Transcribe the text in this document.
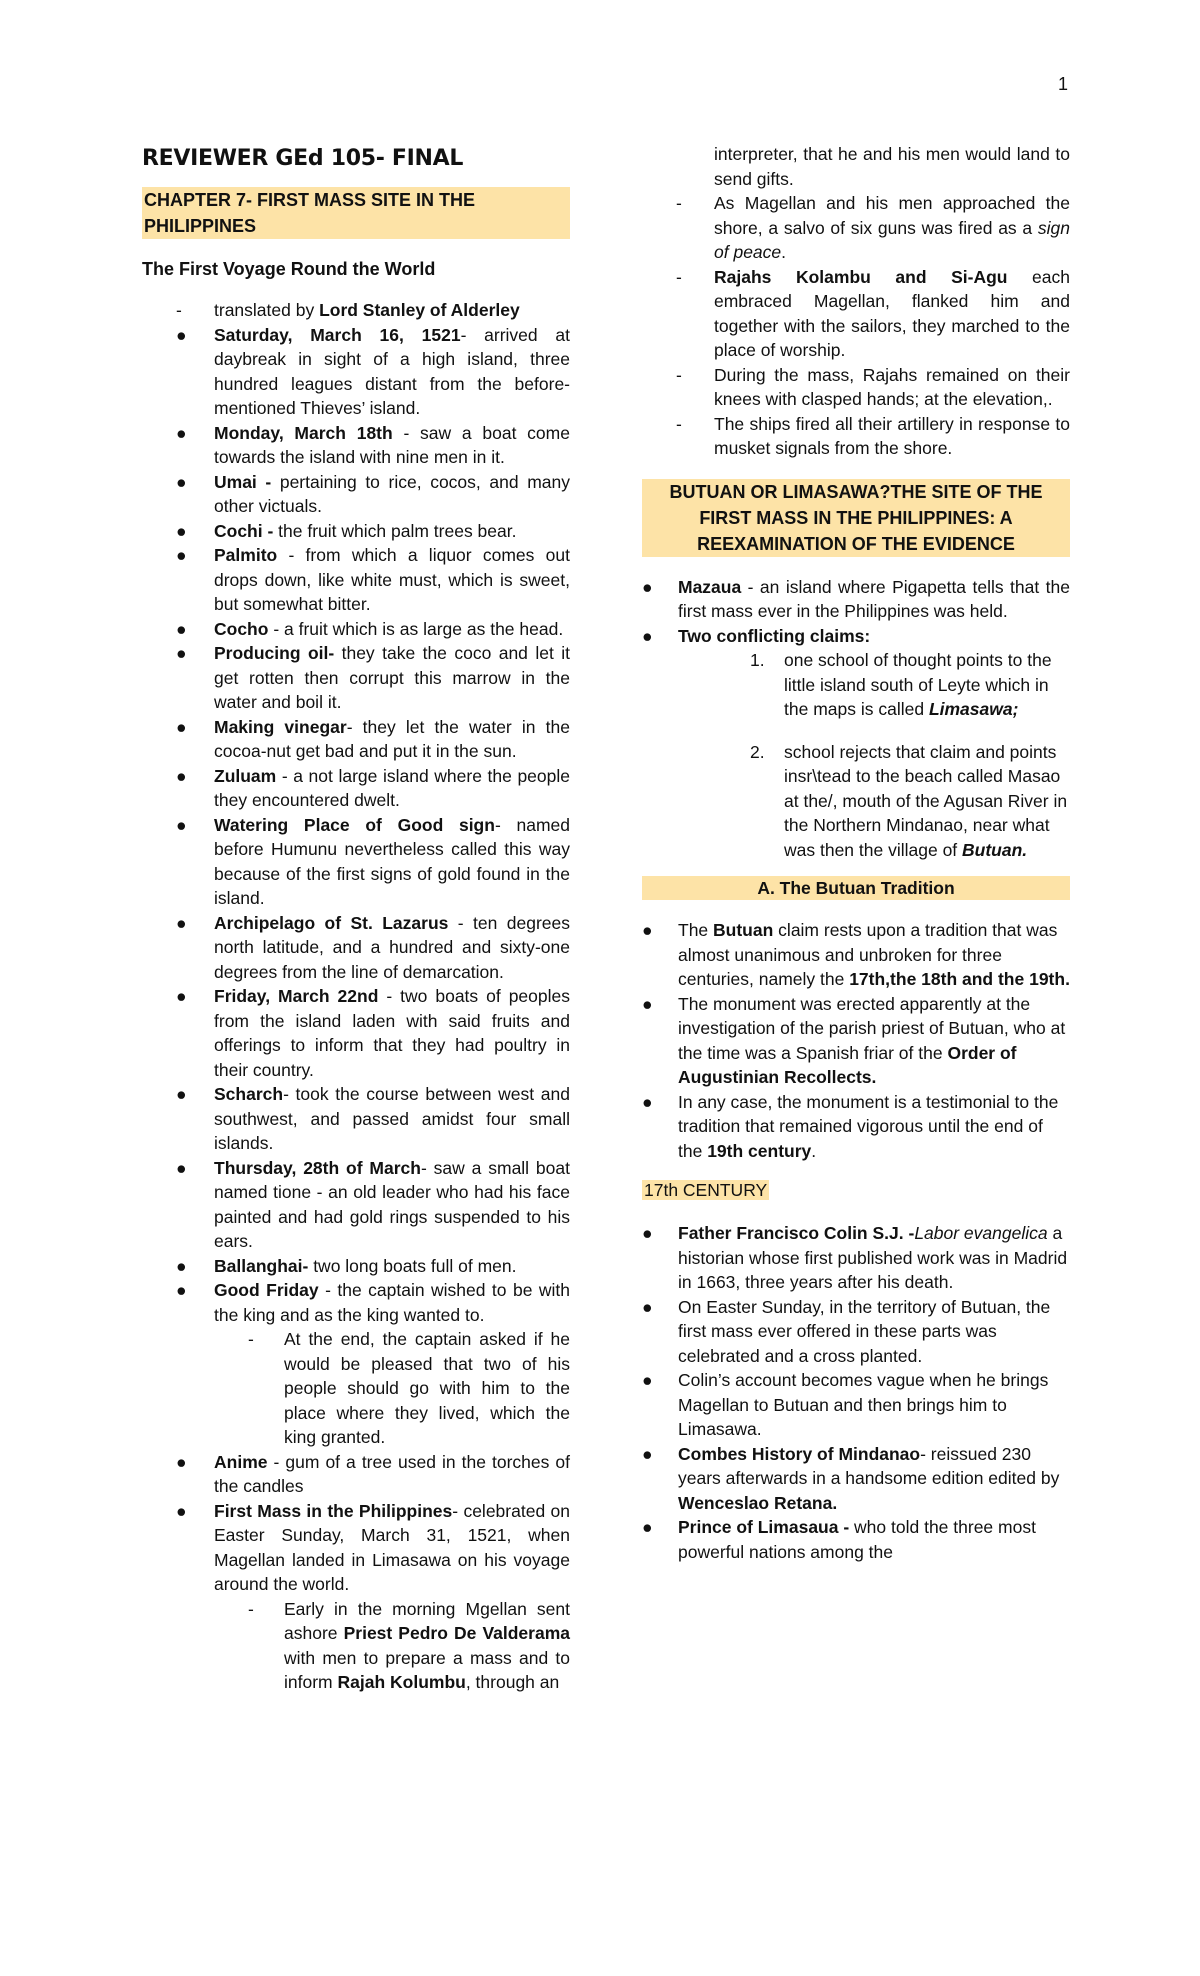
1
REVIEWER GEd 105- FINAL
CHAPTER 7- FIRST MASS SITE IN THE PHILIPPINES
The First Voyage Round the World
- translated by Lord Stanley of Alderley
● Saturday, March 16, 1521- arrived at daybreak in sight of a high island, three hundred leagues distant from the before-mentioned Thieves’ island.
● Monday, March 18th - saw a boat come towards the island with nine men in it.
● Umai - pertaining to rice, cocos, and many other victuals.
● Cochi - the fruit which palm trees bear.
● Palmito - from which a liquor comes out drops down, like white must, which is sweet, but somewhat bitter.
● Cocho - a fruit which is as large as the head.
● Producing oil- they take the coco and let it get rotten then corrupt this marrow in the water and boil it.
● Making vinegar- they let the water in the cocoa-nut get bad and put it in the sun.
● Zuluam - a not large island where the people they encountered dwelt.
● Watering Place of Good sign- named before Humunu nevertheless called this way because of the first signs of gold found in the island.
● Archipelago of St. Lazarus - ten degrees north latitude, and a hundred and sixty-one degrees from the line of demarcation.
● Friday, March 22nd - two boats of peoples from the island laden with said fruits and offerings to inform that they had poultry in their country.
● Scharch- took the course between west and southwest, and passed amidst four small islands.
● Thursday, 28th of March- saw a small boat named tione - an old leader who had his face painted and had gold rings suspended to his ears.
● Ballanghai- two long boats full of men.
● Good Friday - the captain wished to be with the king and as the king wanted to.
- At the end, the captain asked if he would be pleased that two of his people should go with him to the place where they lived, which the king granted.
● Anime - gum of a tree used in the torches of the candles
● First Mass in the Philippines- celebrated on Easter Sunday, March 31, 1521, when Magellan landed in Limasawa on his voyage around the world.
- Early in the morning Mgellan sent ashore Priest Pedro De Valderama with men to prepare a mass and to inform Rajah Kolumbu, through an
interpreter, that he and his men would land to send gifts.
- As Magellan and his men approached the shore, a salvo of six guns was fired as a sign of peace.
- Rajahs Kolambu and Si-Agu each embraced Magellan, flanked him and together with the sailors, they marched to the place of worship.
- During the mass, Rajahs remained on their knees with clasped hands; at the elevation,.
- The ships fired all their artillery in response to musket signals from the shore.
BUTUAN OR LIMASAWA?THE SITE OF THE FIRST MASS IN THE PHILIPPINES: A REEXAMINATION OF THE EVIDENCE
● Mazaua - an island where Pigapetta tells that the first mass ever in the Philippines was held.
● Two conflicting claims:
1. one school of thought points to the little island south of Leyte which in the maps is called Limasawa;
2. school rejects that claim and points insr\tead to the beach called Masao at the/, mouth of the Agusan River in the Northern Mindanao, near what was then the village of Butuan.
A. The Butuan Tradition
● The Butuan claim rests upon a tradition that was almost unanimous and unbroken for three centuries, namely the 17th,the 18th and the 19th.
● The monument was erected apparently at the investigation of the parish priest of Butuan, who at the time was a Spanish friar of the Order of Augustinian Recollects.
● In any case, the monument is a testimonial to the tradition that remained vigorous until the end of the 19th century.
17th CENTURY
● Father Francisco Colin S.J. -Labor evangelica a historian whose first published work was in Madrid in 1663, three years after his death.
● On Easter Sunday, in the territory of Butuan, the first mass ever offered in these parts was celebrated and a cross planted.
● Colin’s account becomes vague when he brings Magellan to Butuan and then brings him to Limasawa.
● Combes History of Mindanao- reissued 230 years afterwards in a handsome edition edited by Wenceslao Retana.
● Prince of Limasaua - who told the three most powerful nations among the
